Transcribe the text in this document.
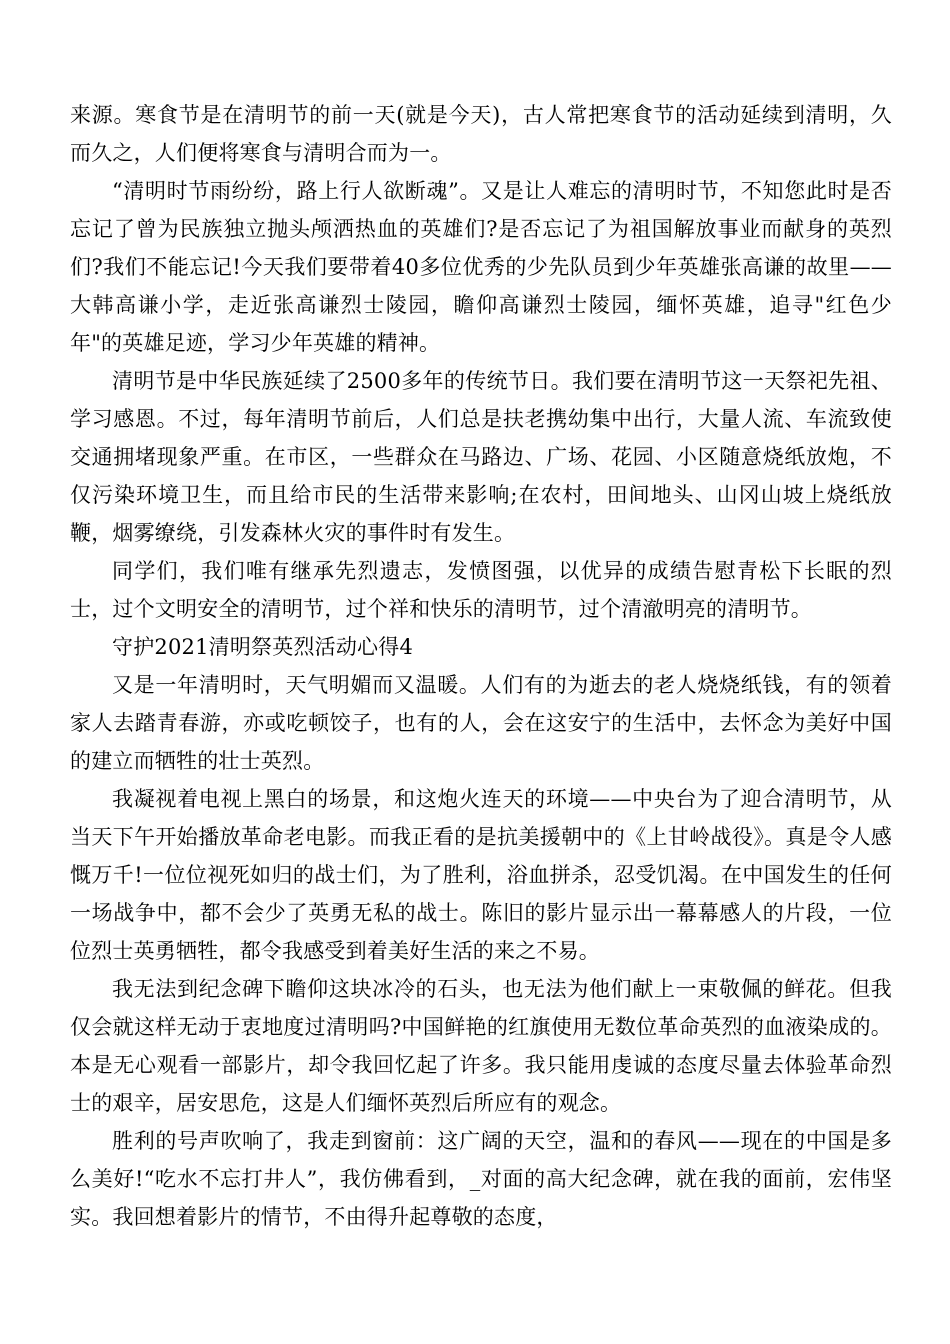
来源。寒食节是在清明节的前一天(就是今天)，古人常把寒食节的活动延续到清明，久而久之，人们便将寒食与清明合而为一。

“清明时节雨纷纷，路上行人欲断魂”。又是让人难忘的清明时节，不知您此时是否忘记了曾为民族独立抛头颅洒热血的英雄们?是否忘记了为祖国解放事业而献身的英烈们?我们不能忘记!今天我们要带着40多位优秀的少先队员到少年英雄张高谦的故里——大韩高谦小学，走近张高谦烈士陵园，瞻仰高谦烈士陵园，缅怀英雄，追寻"红色少年"的英雄足迹，学习少年英雄的精神。

清明节是中华民族延续了2500多年的传统节日。我们要在清明节这一天祭祀先祖、学习感恩。不过，每年清明节前后，人们总是扶老携幼集中出行，大量人流、车流致使交通拥堵现象严重。在市区，一些群众在马路边、广场、花园、小区随意烧纸放炮，不仅污染环境卫生，而且给市民的生活带来影响;在农村，田间地头、山冈山坡上烧纸放鞭，烟雾缭绕，引发森林火灾的事件时有发生。

同学们，我们唯有继承先烈遗志，发愤图强，以优异的成绩告慰青松下长眠的烈士，过个文明安全的清明节，过个祥和快乐的清明节，过个清澈明亮的清明节。

守护2021清明祭英烈活动心得4

又是一年清明时，天气明媚而又温暖。人们有的为逝去的老人烧烧纸钱，有的领着家人去踏青春游，亦或吃顿饺子，也有的人，会在这安宁的生活中，去怀念为美好中国的建立而牺牲的壮士英烈。

我凝视着电视上黑白的场景，和这炮火连天的环境——中央台为了迎合清明节，从当天下午开始播放革命老电影。而我正看的是抗美援朝中的《上甘岭战役》。真是令人感慨万千!一位位视死如归的战士们，为了胜利，浴血拼杀，忍受饥渴。在中国发生的任何一场战争中，都不会少了英勇无私的战士。陈旧的影片显示出一幕幕感人的片段，一位位烈士英勇牺牲，都令我感受到着美好生活的来之不易。

我无法到纪念碑下瞻仰这块冰冷的石头，也无法为他们献上一束敬佩的鲜花。但我仅会就这样无动于衷地度过清明吗?中国鲜艳的红旗使用无数位革命英烈的血液染成的。本是无心观看一部影片，却令我回忆起了许多。我只能用虔诚的态度尽量去体验革命烈士的艰辛，居安思危，这是人们缅怀英烈后所应有的观念。

胜利的号声吹响了，我走到窗前：这广阔的天空，温和的春风——现在的中国是多么美好!“吃水不忘打井人”，我仿佛看到，_对面的高大纪念碑，就在我的面前，宏伟坚实。我回想着影片的情节，不由得升起尊敬的态度，
